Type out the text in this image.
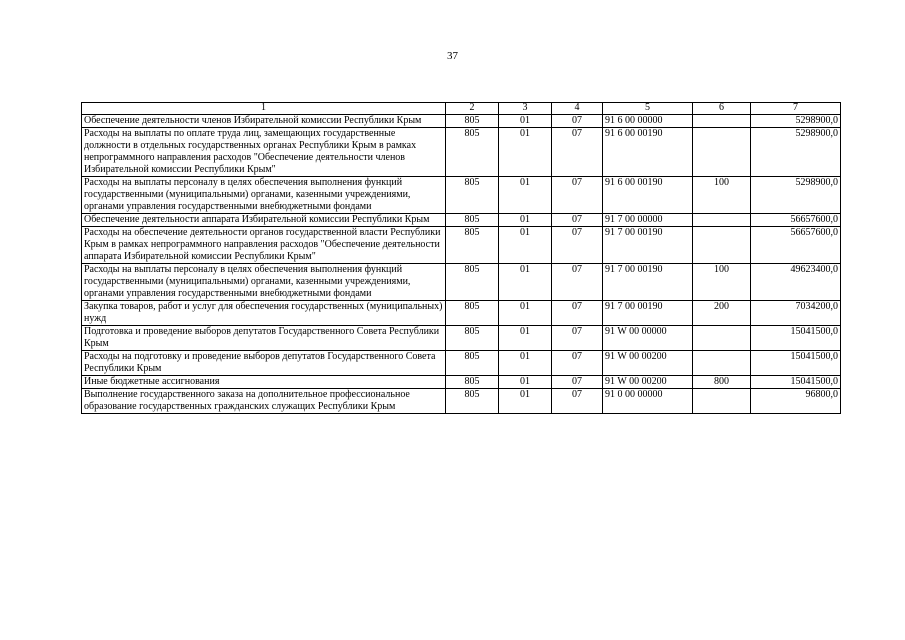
37
1	2	3	4	5	6	7
Обеспечение деятельности членов Избирательной комиссии Республики Крым	805	01	07	91 6 00 00000		5298900,0
Расходы на выплаты по оплате труда лиц, замещающих государственные должности в отдельных государственных органах Республики Крым в рамках непрограммного направления расходов "Обеспечение деятельности членов Избирательной комиссии Республики Крым"	805	01	07	91 6 00 00190		5298900,0
Расходы на выплаты персоналу в целях обеспечения выполнения функций государственными (муниципальными) органами, казенными учреждениями, органами управления государственными внебюджетными фондами	805	01	07	91 6 00 00190	100	5298900,0
Обеспечение деятельности аппарата Избирательной комиссии Республики Крым	805	01	07	91 7 00 00000		56657600,0
Расходы на обеспечение деятельности органов государственной власти Республики Крым в рамках непрограммного направления расходов "Обеспечение деятельности аппарата Избирательной комиссии Республики Крым"	805	01	07	91 7 00 00190		56657600,0
Расходы на выплаты персоналу в целях обеспечения выполнения функций государственными (муниципальными) органами, казенными учреждениями, органами управления государственными внебюджетными фондами	805	01	07	91 7 00 00190	100	49623400,0
Закупка товаров, работ и услуг для обеспечения государственных (муниципальных) нужд	805	01	07	91 7 00 00190	200	7034200,0
Подготовка и проведение выборов депутатов Государственного Совета Республики Крым	805	01	07	91 W 00 00000		15041500,0
Расходы на подготовку и проведение выборов депутатов Государственного Совета Республики Крым	805	01	07	91 W 00 00200		15041500,0
Иные бюджетные ассигнования	805	01	07	91 W 00 00200	800	15041500,0
Выполнение государственного заказа на дополнительное профессиональное образование государственных гражданских служащих Республики Крым	805	01	07	91 0 00 00000		96800,0
